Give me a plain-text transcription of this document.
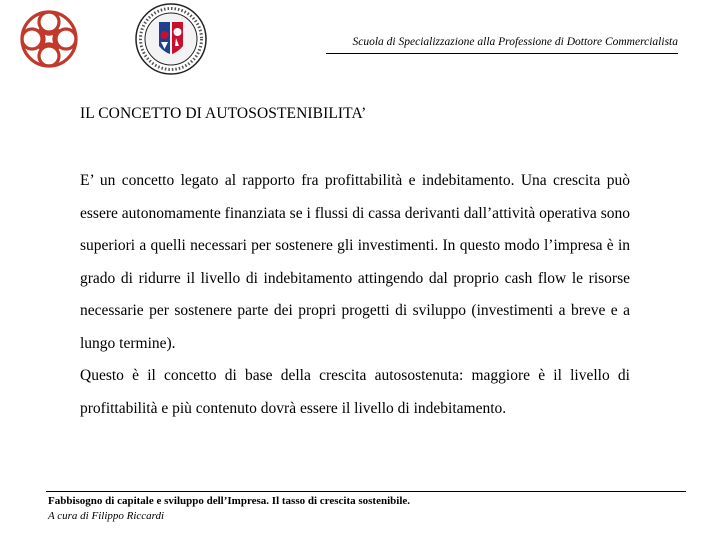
Scuola di Specializzazione alla Professione di Dottore Commercialista
IL CONCETTO DI AUTOSOSTENIBILITA’

E’ un concetto legato al rapporto fra profittabilità e indebitamento. Una crescita può essere autonomamente finanziata se i flussi di cassa derivanti dall’attività operativa sono superiori a quelli necessari per sostenere gli investimenti. In questo modo l’impresa è in grado di ridurre il livello di indebitamento attingendo dal proprio cash flow le risorse necessarie per sostenere parte dei propri progetti di sviluppo (investimenti a breve e a lungo termine).

Questo è il concetto di base della crescita autosostenuta: maggiore è il livello di profittabilità e più contenuto dovrà essere il livello di indebitamento.

Fabbisogno di capitale e sviluppo dell’Impresa. Il tasso di crescita sostenibile.
A cura di Filippo Riccardi
